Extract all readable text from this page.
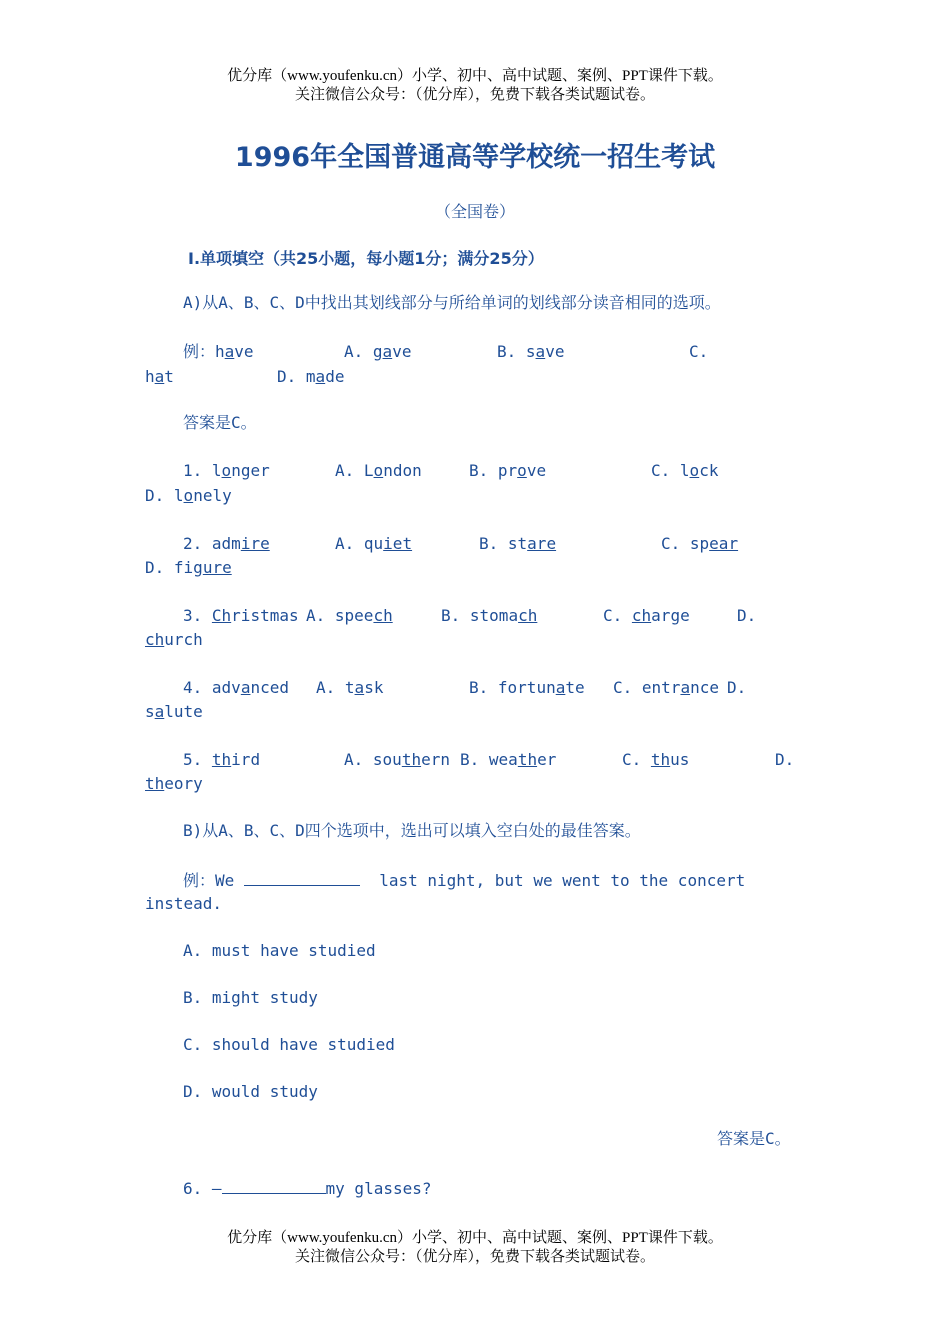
优分库（www.youfenku.cn）小学、初中、高中试题、案例、PPT课件下载。
关注微信公众号：（优分库），免费下载各类试题试卷。
1996年全国普通高等学校统一招生考试
（全国卷）
Ⅰ.单项填空（共25小题，每小题1分；满分25分）
A)从A、B、C、D中找出其划线部分与所给单词的划线部分读音相同的选项。
例：have	A. gave	B. save	C.
hat	D. made
答案是C。
1. longer	A. London	B. prove	C. lock
D. lonely
2. admire	A. quiet	B. stare	C. spear
D. figure
3. Christmas A. speech	B. stomach	C. charge	D.
church
4. advanced A. task	B. fortunate C. entrance D.
salute
5. third	A. southern B. weather	C. thus	D.
theory
B)从A、B、C、D四个选项中，选出可以填入空白处的最佳答案。
例：We	last night, but we went to the concert
instead.
A. must have studied
B. might study
C. should have studied
D. would study
答案是C。
6. —	my glasses?
优分库（www.youfenku.cn）小学、初中、高中试题、案例、PPT课件下载。
关注微信公众号：（优分库），免费下载各类试题试卷。
